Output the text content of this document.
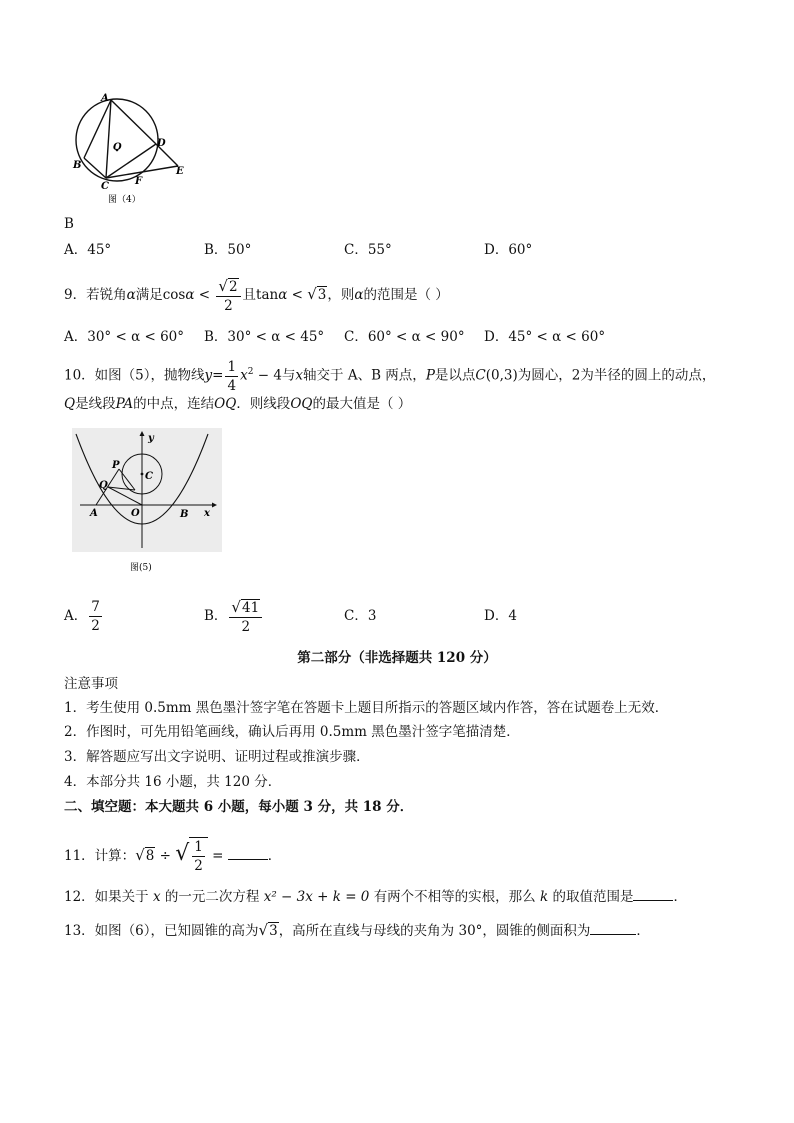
A
B
C
D
E
F
O
图（4）
B
A．45°	B．50°	C．55°	D．60°
9．若锐角α满足$\cos\alpha < \frac{√2}{2}$ 且tanα < √3，则α的范围是（ ）
A．30° < α < 60° B．30° < α < 45° C．60° < α < 90° D．45° < α < 60°
10．如图（5），抛物线$y= \frac{1}{4} x^2 - 4$与x轴交于 A、B 两点，P是以点C(0,3)为圆心，2为半径的圆上的动点，
Q是线段PA的中点，连结OQ．则线段OQ的最大值是（ ）
y
x
P
Q
C
A	O	B
图(5)
A． $\frac{7}{2}$	B． $\frac{√41}{2}$	C．3	D．4
第二部分（非选择题共 120 分）
注意事项
1．考生使用 0.5mm 黑色墨汁签字笔在答题卡上题目所指示的答题区域内作答，答在试题卷上无效．
2．作图时，可先用铅笔画线，确认后再用 0.5mm 黑色墨汁签字笔描清楚．
3．解答题应写出文字说明、证明过程或推演步骤．
4．本部分共 16 小题，共 120 分．
二、填空题：本大题共 6 小题，每小题 3 分，共 18 分．
11．计算：√8 ÷ √ $\frac{1}{2}$ =	．
12．如果关于 x 的一元二次方程 x² − 3x + k = 0 有两个不相等的实根，那么 k 的取值范围是	．
13．如图（6），已知圆锥的高为√3，高所在直线与母线的夹角为 30°，圆锥的侧面积为	．
